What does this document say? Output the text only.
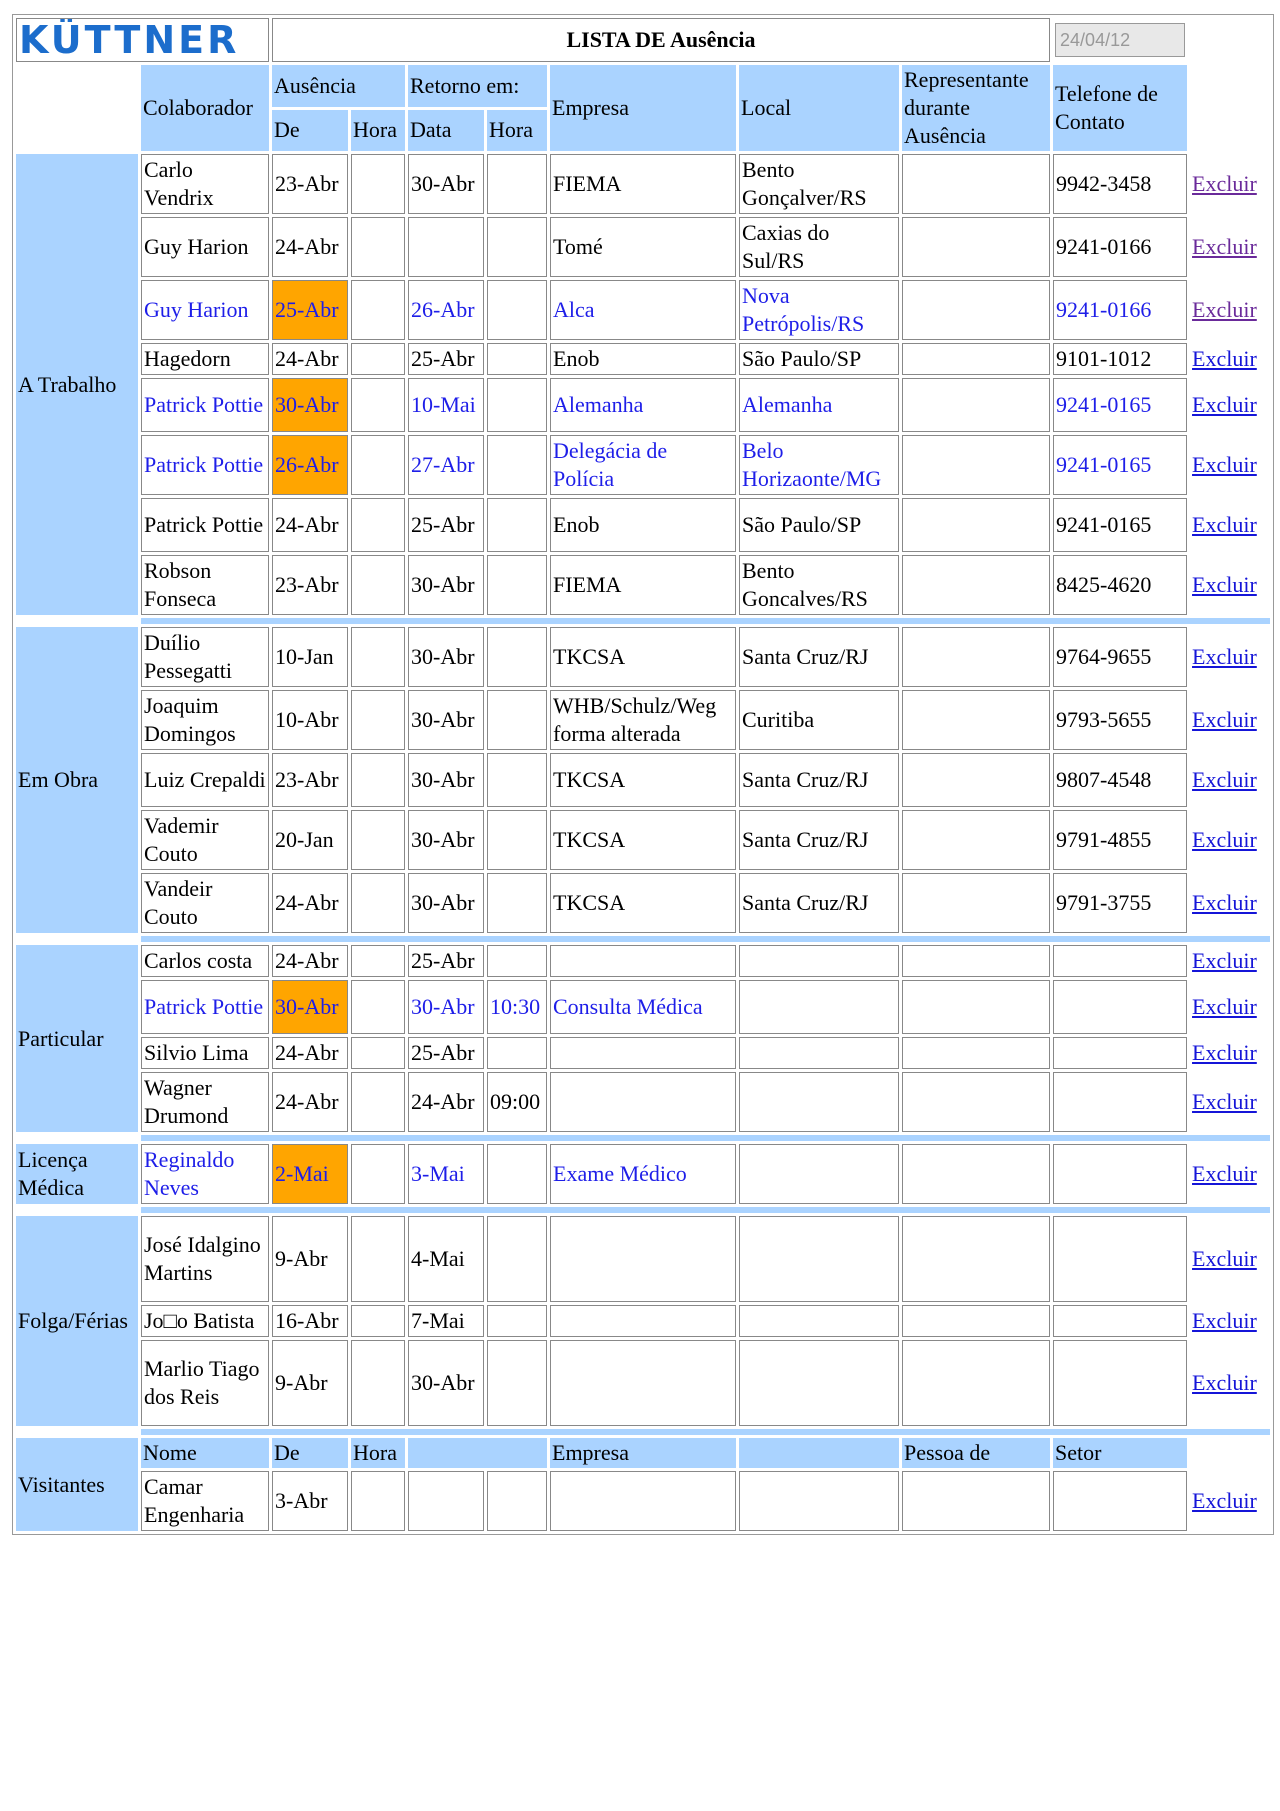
KÜTTNER		LISTA DE Ausência							24/04/12	

	Colaborador	Ausência		Retorno em:		Empresa	Local	Representante durante Ausência	Telefone de Contato	
		De	Hora	Data	Hora					
A Trabalho	Carlo Vendrix	23-Abr		30-Abr		FIEMA	Bento Gonçalver/RS		9942-3458	Excluir
	Guy Harion	24-Abr				Tomé	Caxias do Sul/RS		9241-0166	Excluir
	Guy Harion	25-Abr		26-Abr		Alca	Nova Petrópolis/RS		9241-0166	Excluir
	Hagedorn	24-Abr		25-Abr		Enob	São Paulo/SP		9101-1012	Excluir
	Patrick Pottie	30-Abr		10-Mai		Alemanha	Alemanha		9241-0165	Excluir
	Patrick Pottie	26-Abr		27-Abr		Delegácia de Polícia	Belo Horizaonte/MG		9241-0165	Excluir
	Patrick Pottie	24-Abr		25-Abr		Enob	São Paulo/SP		9241-0165	Excluir
	Robson Fonseca	23-Abr		30-Abr		FIEMA	Bento Goncalves/RS		8425-4620	Excluir

Em Obra	Duílio Pessegatti	10-Jan		30-Abr		TKCSA	Santa Cruz/RJ		9764-9655	Excluir
	Joaquim Domingos	10-Abr		30-Abr		WHB/Schulz/Weg forma alterada	Curitiba		9793-5655	Excluir
	Luiz Crepaldi	23-Abr		30-Abr		TKCSA	Santa Cruz/RJ		9807-4548	Excluir
	Vademir Couto	20-Jan		30-Abr		TKCSA	Santa Cruz/RJ		9791-4855	Excluir
	Vandeir Couto	24-Abr		30-Abr		TKCSA	Santa Cruz/RJ		9791-3755	Excluir

Particular	Carlos costa	24-Abr		25-Abr						Excluir
	Patrick Pottie	30-Abr		30-Abr	10:30	Consulta Médica				Excluir
	Silvio Lima	24-Abr		25-Abr						Excluir
	Wagner Drumond	24-Abr		24-Abr	09:00					Excluir

Licença Médica	Reginaldo Neves	2-Mai		3-Mai		Exame Médico				Excluir

Folga/Férias	José Idalgino Martins	9-Abr		4-Mai						Excluir
	Jo□o Batista	16-Abr		7-Mai						Excluir
	Marlio Tiago dos Reis	9-Abr		30-Abr						Excluir

Visitantes	Nome	De	Hora			Empresa		Pessoa de	Setor	
	Camar Engenharia	3-Abr								Excluir
